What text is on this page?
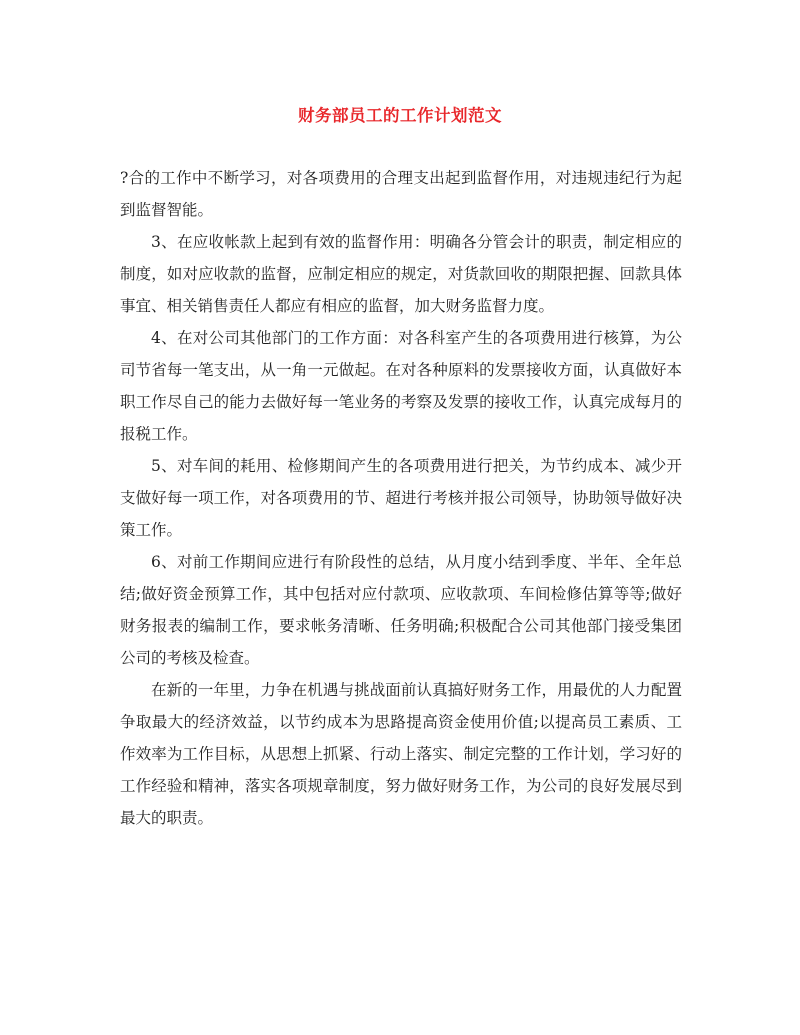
财务部员工的工作计划范文

?合的工作中不断学习，对各项费用的合理支出起到监督作用，对违规违纪行为起到监督智能。

3、在应收帐款上起到有效的监督作用：明确各分管会计的职责，制定相应的制度，如对应收款的监督，应制定相应的规定，对货款回收的期限把握、回款具体事宜、相关销售责任人都应有相应的监督，加大财务监督力度。

4、在对公司其他部门的工作方面：对各科室产生的各项费用进行核算，为公司节省每一笔支出，从一角一元做起。在对各种原料的发票接收方面，认真做好本职工作尽自己的能力去做好每一笔业务的考察及发票的接收工作，认真完成每月的报税工作。

5、对车间的耗用、检修期间产生的各项费用进行把关，为节约成本、减少开支做好每一项工作，对各项费用的节、超进行考核并报公司领导，协助领导做好决策工作。

6、对前工作期间应进行有阶段性的总结，从月度小结到季度、半年、全年总结;做好资金预算工作，其中包括对应付款项、应收款项、车间检修估算等等;做好财务报表的编制工作，要求帐务清晰、任务明确;积极配合公司其他部门接受集团公司的考核及检查。

在新的一年里，力争在机遇与挑战面前认真搞好财务工作，用最优的人力配置争取最大的经济效益，以节约成本为思路提高资金使用价值;以提高员工素质、工作效率为工作目标，从思想上抓紧、行动上落实、制定完整的工作计划，学习好的工作经验和精神，落实各项规章制度，努力做好财务工作，为公司的良好发展尽到最大的职责。
